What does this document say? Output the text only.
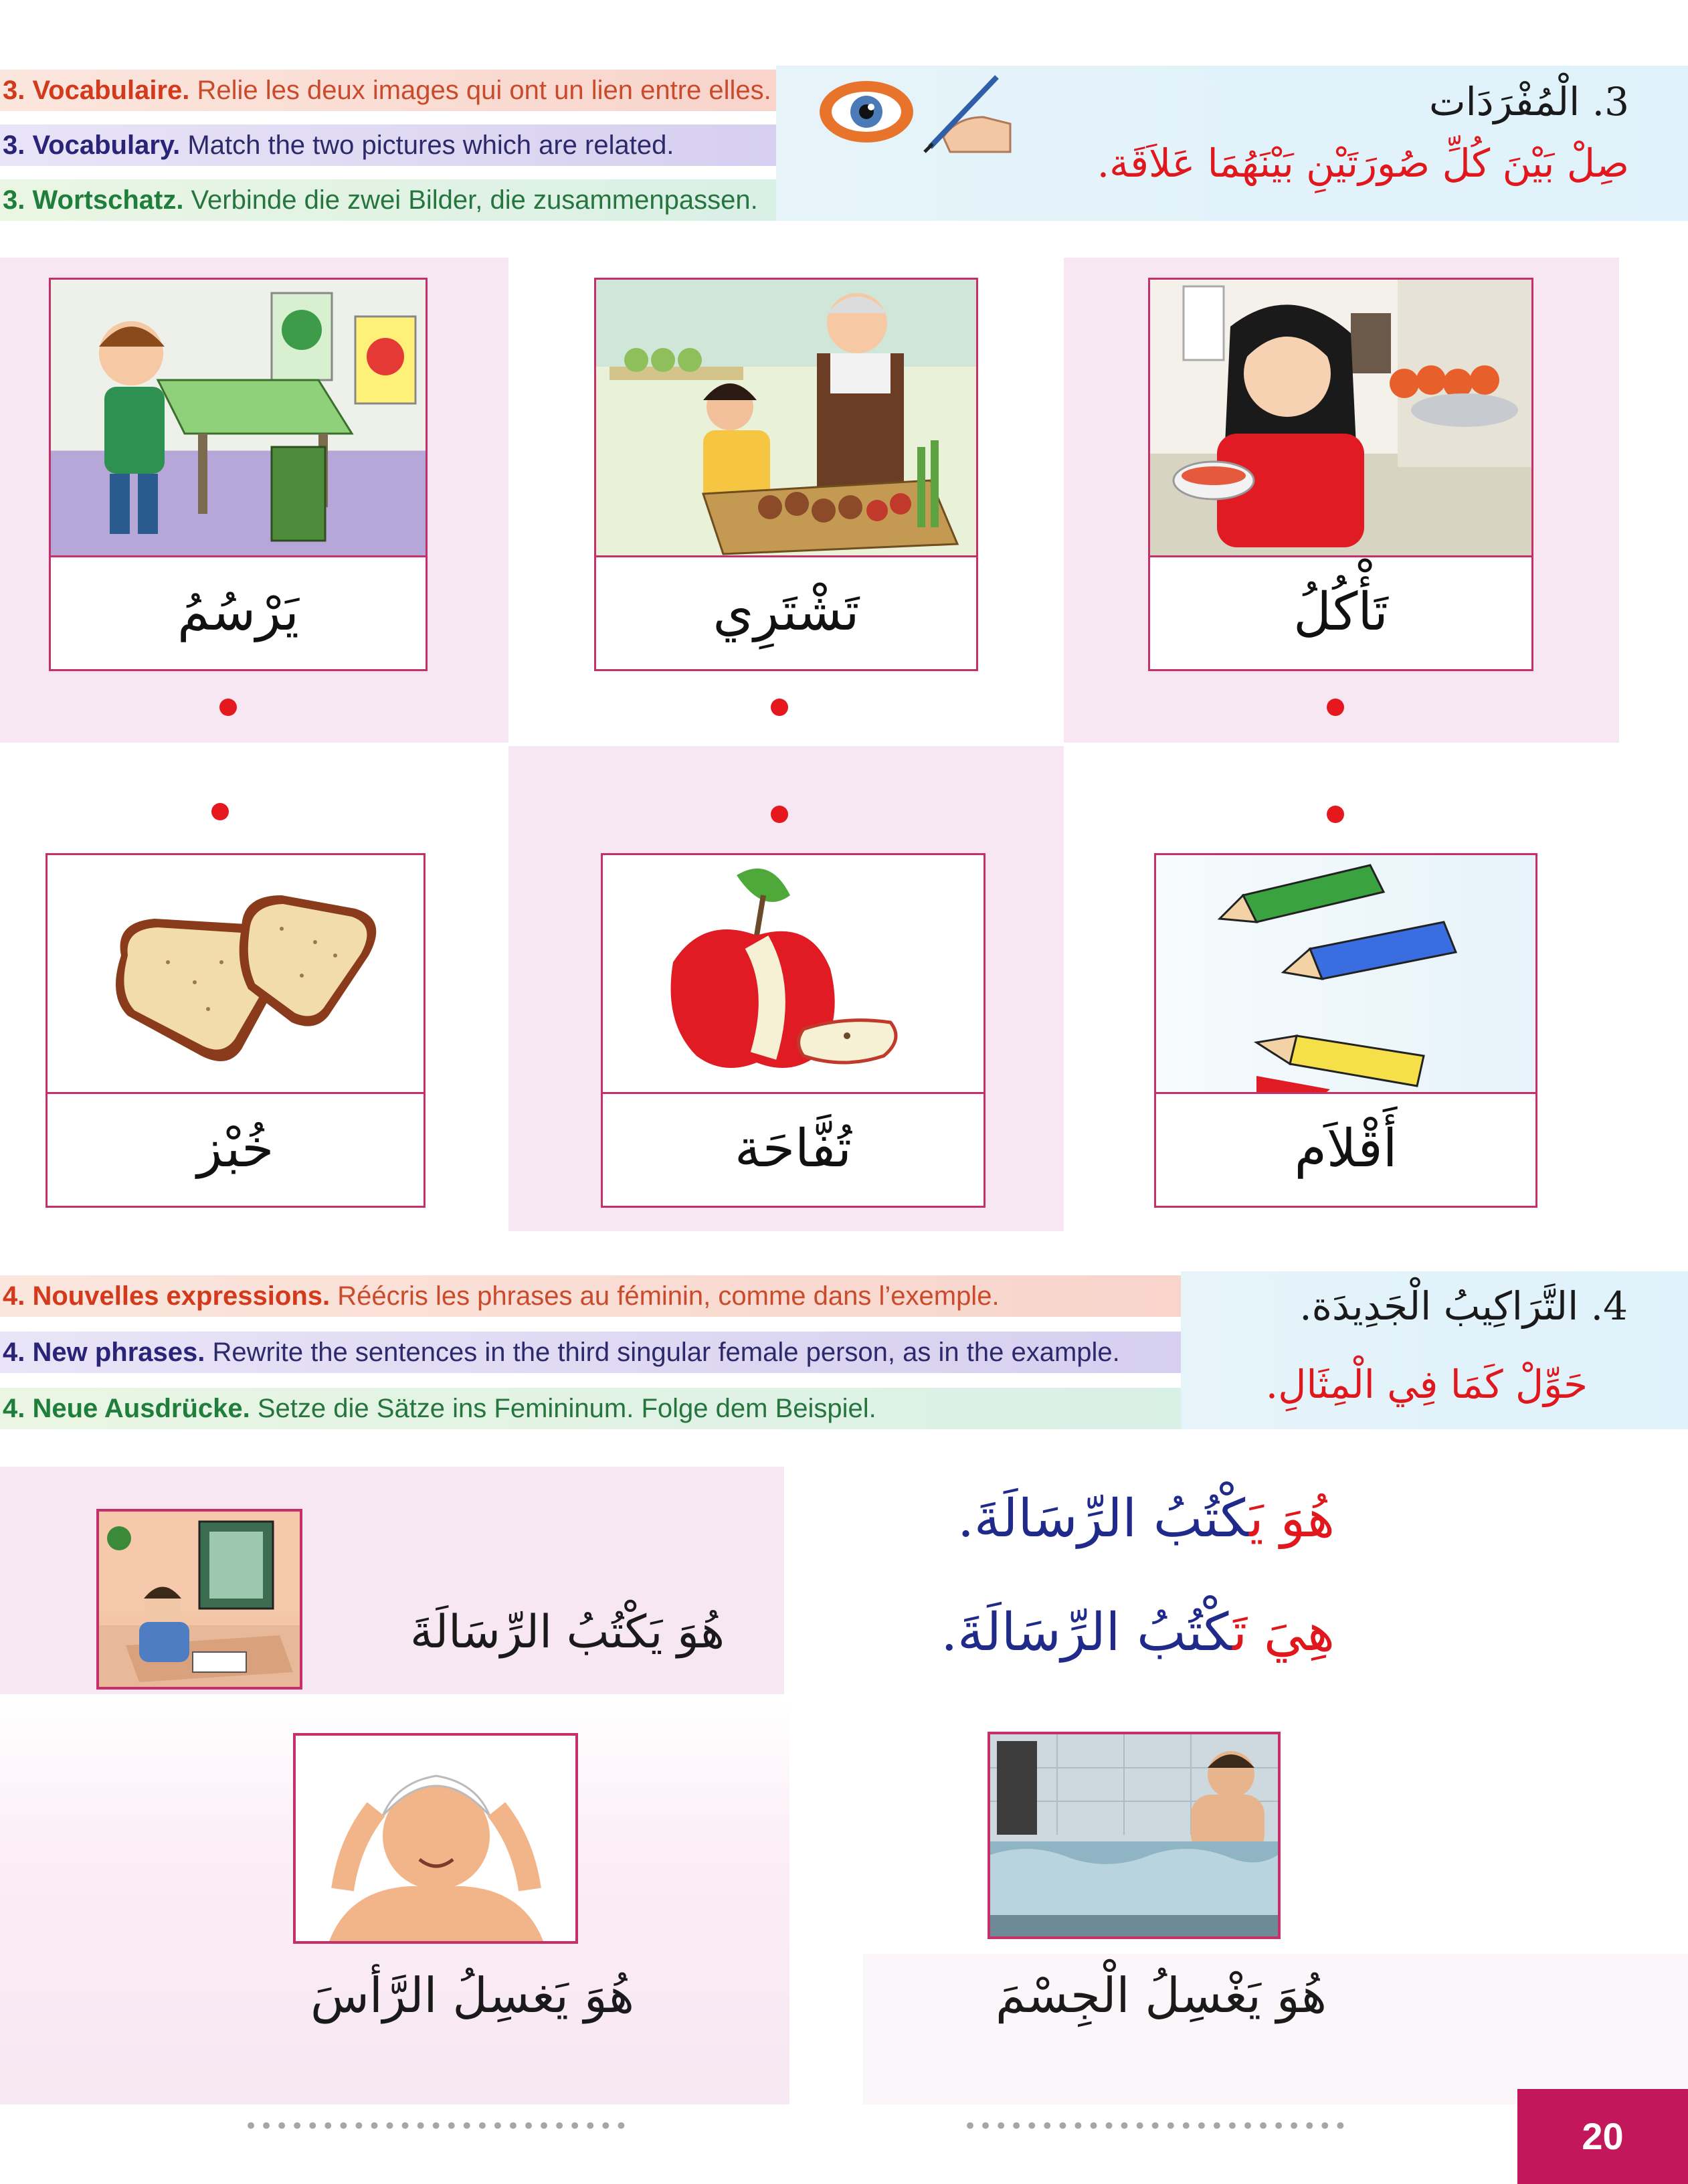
3. Vocabulaire. Relie les deux images qui ont un lien entre elles.
3. Vocabulary. Match the two pictures which are related.
3. Wortschatz. Verbinde die zwei Bilder, die zusammenpassen.
3. الْمُفْرَدَات
صِلْ بَيْنَ كُلِّ صُورَتَيْنِ بَيْنَهُمَا عَلاَقَة.
يَرْسُمُ	تَشْتَرِي	تَأْكُلُ
خُبْز	تُفَّاحَة	أَقْلاَم
4. Nouvelles expressions. Réécris les phrases au féminin, comme dans l’exemple.
4. New phrases. Rewrite the sentences in the third singular female person, as in the example.
4. Neue Ausdrücke. Setze die Sätze ins Femininum. Folge dem Beispiel.
4. التَّرَاكِيبُ الْجَدِيدَة.
حَوِّلْ كَمَا فِي الْمِثَالِ.
هُوَ يَكْتُبُ الرِّسَالَةَ
هُوَ يَكْتُبُ الرِّسَالَةَ.
هِيَ تَكْتُبُ الرِّسَالَةَ.
هُوَ يَغسِلُ الرَّأسَ	هُوَ يَغْسِلُ الْجِسْمَ
•••••••••••••••••••••••••	•••••••••••••••••••••••••	20
